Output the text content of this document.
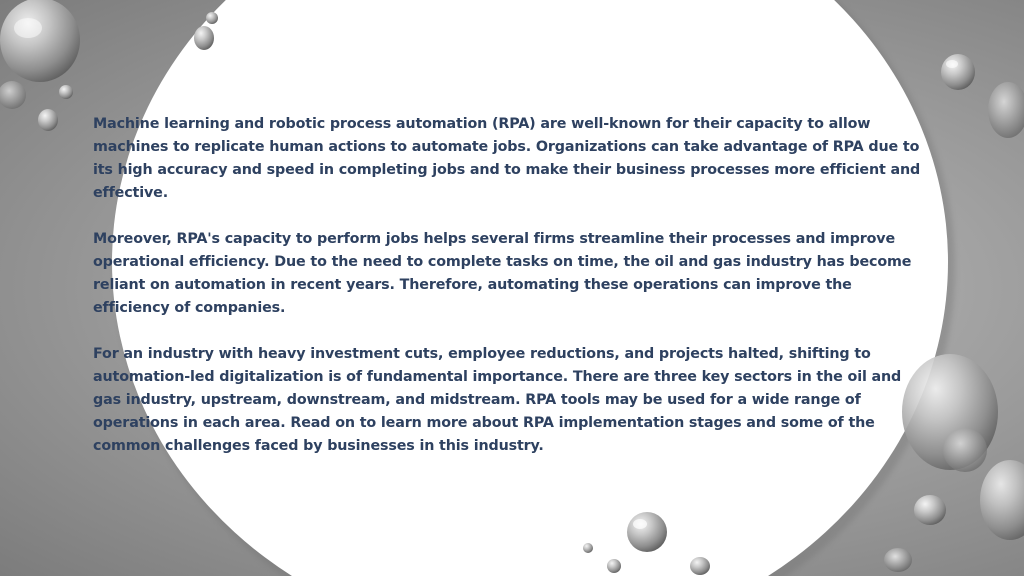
Machine learning and robotic process automation (RPA) are well-known for their capacity to allow machines to replicate human actions to automate jobs. Organizations can take advantage of RPA due to its high accuracy and speed in completing jobs and to make their business processes more efficient and effective.

Moreover, RPA's capacity to perform jobs helps several firms streamline their processes and improve operational efficiency. Due to the need to complete tasks on time, the oil and gas industry has become reliant on automation in recent years. Therefore, automating these operations can improve the efficiency of companies.

For an industry with heavy investment cuts, employee reductions, and projects halted, shifting to automation-led digitalization is of fundamental importance. There are three key sectors in the oil and gas industry, upstream, downstream, and midstream. RPA tools may be used for a wide range of operations in each area. Read on to learn more about RPA implementation stages and some of the common challenges faced by businesses in this industry.
